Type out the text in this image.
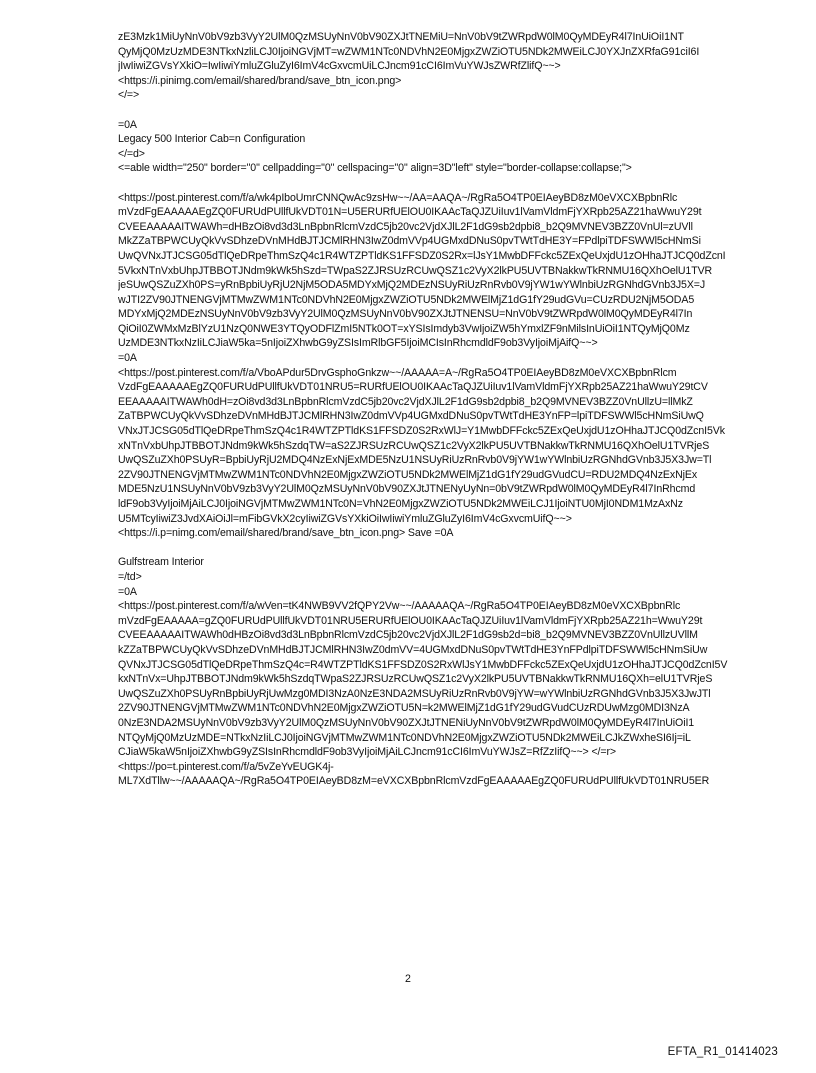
zE3Mzk1MiUyNnV0bV9zb3VyY2UlM0QzMSUyNnV0bV90ZXJtTNEMiU=NnV0bV9tZWRpdW0lM0QyMDEyR4l7InUiOiI1NT
QyMjQ0MzUzMDE3NTkxNzliLCJ0IjoiNGVjMT=wZWM1NTc0NDVhN2E0MjgxZWZiOTU5NDk2MWEiLCJ0YXJnZXRfaG91ciI6I
jIwIiwiZGVsYXkiO=IwIiwiYmluZGluZyI6ImV4cGxvcmUiLCJncm91cCI6ImVuYWJsZWRfZlifQ~~>
<https://i.pinimg.com/email/shared/brand/save_btn_icon.png>
</=>
=0A
Legacy 500 Interior Cab=n Configuration
</=d>
<=able width="250" border="0" cellpadding="0" cellspacing="0" align=3D"left" style="border-collapse:collapse;">
<https://post.pinterest.com/f/a/wk4pIboUmrCNNQwAc9zsHw~~/AA=AAQA~/RgRa5O4TP0EIAeyBD8zM0eVXCXBpbnRlc
mVzdFgEAAAAAEgZQ0FURUdPUllfUkVDT01N=U5ERURfUElOU0IKAAcTaQJZUiIuv1lVamVldmFjYXRpb25AZ21haWwuY29t
CVEEAAAAAITWAWh=dHBzOi8vd3d3LnBpbnRlcmVzdC5jb20vc2VjdXJlL2F1dG9sb2dpbi8_b2Q9MVNEV3BZZ0VnUl=zUVll
MkZZaTBPWCUyQkVvSDhzeDVnMHdBJTJCMlRHN3IwZ0dmVVp4UGMxdDNuS0pvTWtTdHE3Y=FPdlpiTDFSWWl5cHNmSi
UwQVNxJTJCSG05dTlQeDRpeThmSzQ4c1R4WTZPTldKS1FFSDZ0S2Rx=lJsY1MwbDFFckc5ZExQeUxjdU1zOHhaJTJCQ0dZcnI
5VkxNTnVxbUhpJTBBOTJNdm9kWk5hSzd=TWpaS2ZJRSUzRCUwQSZ1c2VyX2lkPU5UVTBNakkwTkRNMU16QXhOelU1TVR
jeSUwQSZuZXh0PS=yRnBpbiUyRjU2NjM5ODA5MDYxMjQ2MDEzNSUyRiUzRnRvb0V9jYW1wYWlnbiUzRGNhdGVnb3J5X=J
wJTI2ZV90JTNENGVjMTMwZWM1NTc0NDVhN2E0MjgxZWZiOTU5NDk2MWElMjZ1dG1fY29udGVu=CUzRDU2NjM5ODA5
MDYxMjQ2MDEzNSUyNnV0bV9zb3VyY2UlM0QzMSUyNnV0bV90ZXJtJTNENSU=NnV0bV9tZWRpdW0lM0QyMDEyR4l7In
QiOiI0ZWMxMzBlYzU1NzQ0NWE3YTQyODFlZmI5NTk0OT=xYSIsImdyb3VwIjoiZW5hYmxlZF9nMilsInUiOiI1NTQyMjQ0Mz
UzMDE3NTkxNzIiLCJiaW5ka=5nIjoiZXhwbG9yZSIsImRlbGF5IjoiMCIsInRhcmdldF9ob3VyIjoiMjAifQ~~>
=0A
<https://post.pinterest.com/f/a/VboAPdur5DrvGsphoGnkzw~~/AAAAA=A~/RgRa5O4TP0EIAeyBD8zM0eVXCXBpbnRlcm
VzdFgEAAAAAEgZQ0FURUdPUllfUkVDT01NRU5=RURfUElOU0IKAAcTaQJZUiIuv1lVamVldmFjYXRpb25AZ21haWwuY29tCV
EEAAAAAITWAWh0dH=zOi8vd3d3LnBpbnRlcmVzdC5jb20vc2VjdXJlL2F1dG9sb2dpbi8_b2Q9MVNEV3BZZ0VnUllzU=llMkZ
ZaTBPWCUyQkVvSDhzeDVnMHdBJTJCMlRHN3IwZ0dmVVp4UGMxdDNuS0pvTWtTdHE3YnFP=lpiTDFSWWl5cHNmSiUwQ
VNxJTJCSG05dTlQeDRpeThmSzQ4c1R4WTZPTldKS1FFSDZ0S2RxWlJ=Y1MwbDFFckc5ZExQeUxjdU1zOHhaJTJCQ0dZcnI5Vk
xNTnVxbUhpJTBBOTJNdm9kWk5hSzdqTW=aS2ZJRSUzRCUwQSZ1c2VyX2lkPU5UVTBNakkwTkRNMU16QXhOelU1TVRjeS
UwQSZuZXh0PSUyR=BpbiUyRjU2MDQ4NzExNjExMDE5NzU1NSUyRiUzRnRvb0V9jYW1wYWlnbiUzRGNhdGVnb3J5X3Jw=Tl
2ZV90JTNENGVjMTMwZWM1NTc0NDVhN2E0MjgxZWZiOTU5NDk2MWElMjZ1dG1fY29udGVudCU=RDU2MDQ4NzExNjEx
MDE5NzU1NSUyNnV0bV9zb3VyY2UlM0QzMSUyNnV0bV90ZXJtJTNENyUyNn=0bV9tZWRpdW0lM0QyMDEyR4l7InRhcmd
ldF9ob3VyIjoiMjAiLCJ0IjoiNGVjMTMwZWM1NTc0N=VhN2E0MjgxZWZiOTU5NDk2MWEiLCJ1IjoiNTU0MjI0NDM1MzAxNz
U5MTcyIiwiZ3JvdXAiOiJl=mFibGVkX2cyIiwiZGVsYXkiOiIwIiwiYmluZGluZyI6ImV4cGxvcmUifQ~~>
<https://i.p=nimg.com/email/shared/brand/save_btn_icon.png> Save =0A
Gulfstream Interior
=/td>
=0A
<https://post.pinterest.com/f/a/wVen=tK4NWB9VV2fQPY2Vw~~/AAAAAQA~/RgRa5O4TP0EIAeyBD8zM0eVXCXBpbnRlc
mVzdFgEAAAAA=gZQ0FURUdPUllfUkVDT01NRU5ERURfUElOU0IKAAcTaQJZUiIuv1lVamVldmFjYXRpb25AZ21h=WwuY29t
CVEEAAAAAITWAWh0dHBzOi8vd3d3LnBpbnRlcmVzdC5jb20vc2VjdXJlL2F1dG9sb2d=bi8_b2Q9MVNEV3BZZ0VnUllzUVllM
kZZaTBPWCUyQkVvSDhzeDVnMHdBJTJCMlRHN3IwZ0dmVV=4UGMxdDNuS0pvTWtTdHE3YnFPdlpiTDFSWWl5cHNmSiUw
QVNxJTJCSG05dTlQeDRpeThmSzQ4c=R4WTZPTldKS1FFSDZ0S2RxWlJsY1MwbDFFckc5ZExQeUxjdU1zOHhaJTJCQ0dZcnI5V
kxNTnVx=UhpJTBBOTJNdm9kWk5hSzdqTWpaS2ZJRSUzRCUwQSZ1c2VyX2lkPU5UVTBNakkwTkRNMU16QXh=elU1TVRjeS
UwQSZuZXh0PSUyRnBpbiUyRjUwMzg0MDI3NzA0NzE3NDA2MSUyRiUzRnRvb0V9jYW=wYWlnbiUzRGNhdGVnb3J5X3JwJTl
2ZV90JTNENGVjMTMwZWM1NTc0NDVhN2E0MjgxZWZiOTU5N=k2MWElMjZ1dG1fY29udGVudCUzRDUwMzg0MDI3NzA
0NzE3NDA2MSUyNnV0bV9zb3VyY2UlM0QzMSUyNnV0bV90ZXJtJTNENiUyNnV0bV9tZWRpdW0lM0QyMDEyR4l7InUiOiI1
NTQyMjQ0MzUzMDE=NTkxNzIiLCJ0IjoiNGVjMTMwZWM1NTc0NDVhN2E0MjgxZWZiOTU5NDk2MWEiLCJkZWxheSI6Ij=iL
CJiaW5kaW5nIjoiZXhwbG9yZSIsInRhcmdldF9ob3VyIjoiMjAiLCJncm91cCI6ImVuYWJsZ=RfZzIifQ~~> </=r>
<https://po=t.pinterest.com/f/a/5vZeYvEUGK4j-
ML7XdTllw~~/AAAAAQA~/RgRa5O4TP0EIAeyBD8zM=eVXCXBpbnRlcmVzdFgEAAAAAEgZQ0FURUdPUllfUkVDT01NRU5ER
2
EFTA_R1_01414023
